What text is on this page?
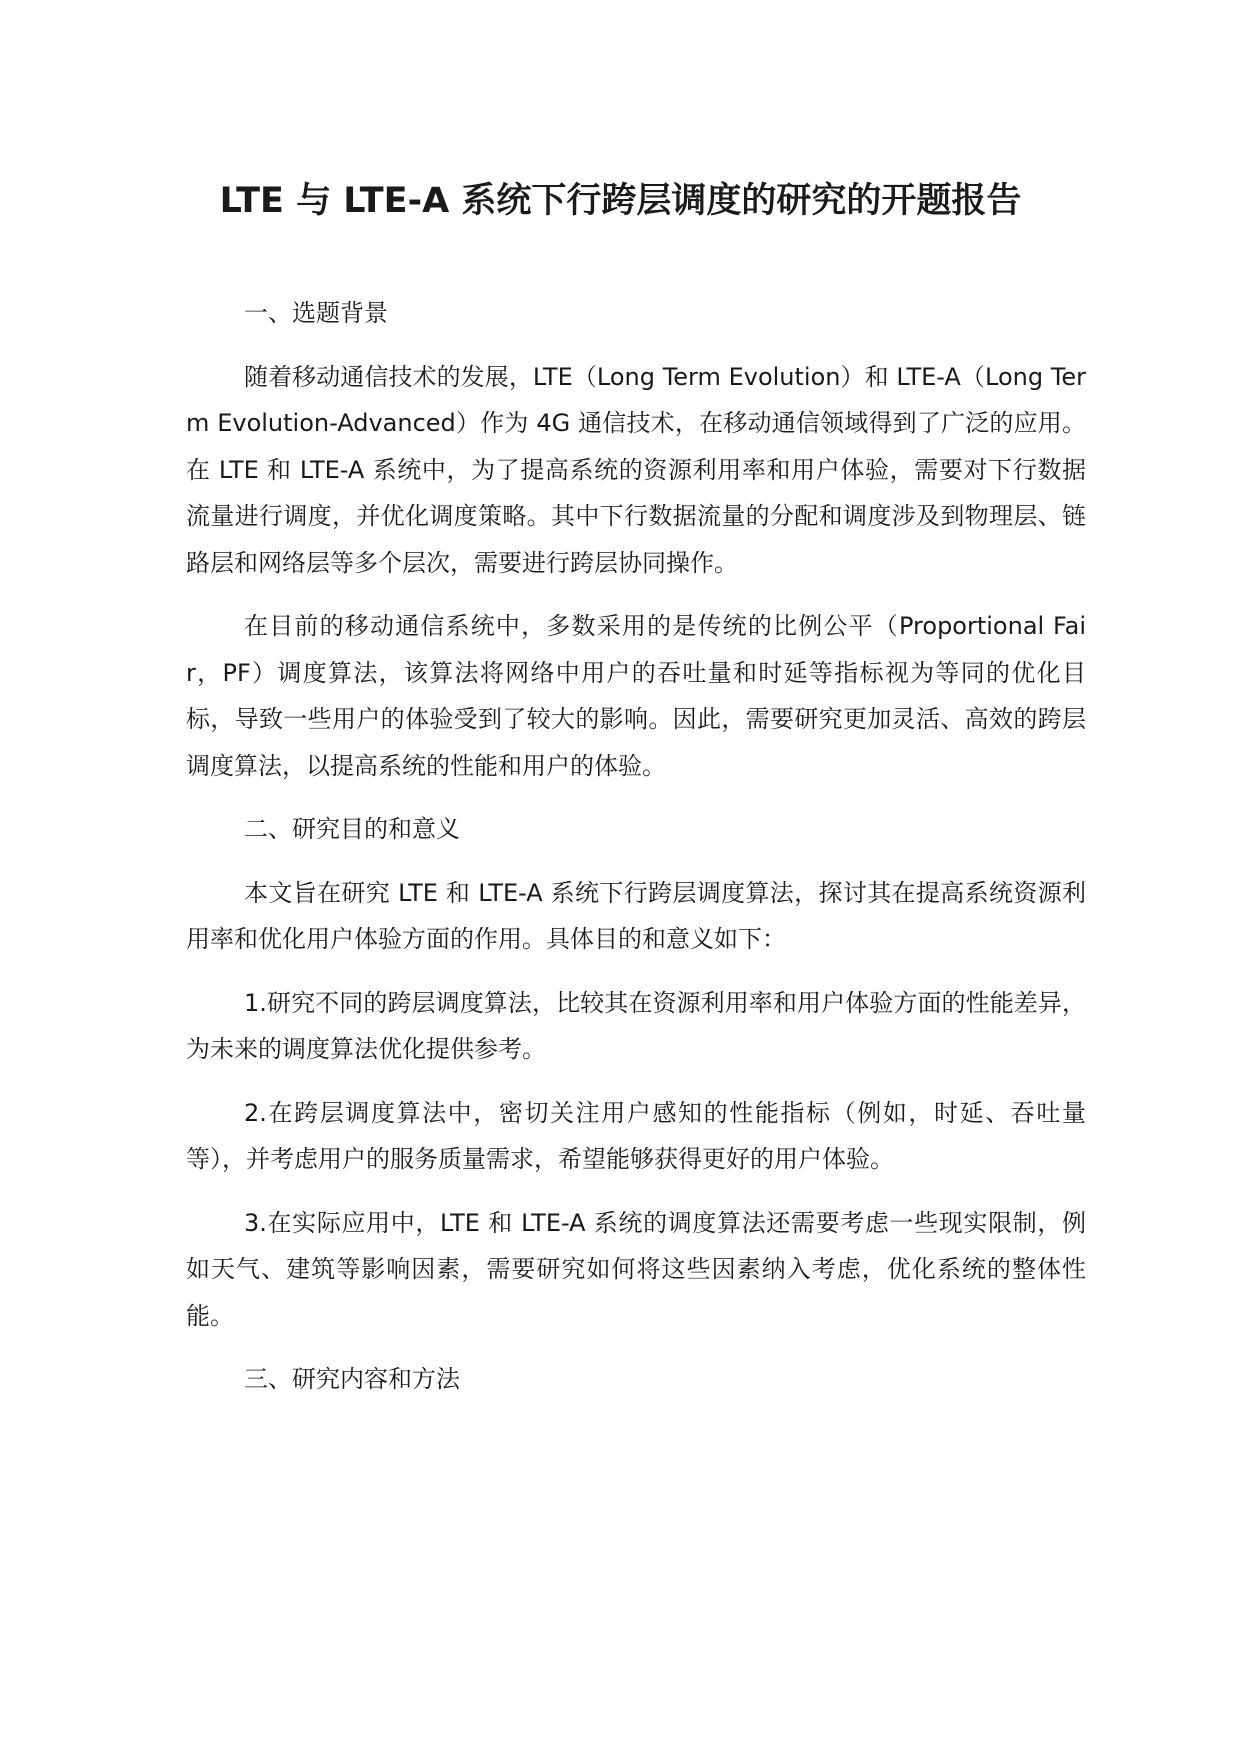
LTE 与 LTE-A 系统下行跨层调度的研究的开题报告

一、选题背景

随着移动通信技术的发展，LTE（Long Term Evolution）和 LTE-A（Long Term Evolution-Advanced）作为 4G 通信技术，在移动通信领域得到了广泛的应用。在 LTE 和 LTE-A 系统中，为了提高系统的资源利用率和用户体验，需要对下行数据流量进行调度，并优化调度策略。其中下行数据流量的分配和调度涉及到物理层、链路层和网络层等多个层次，需要进行跨层协同操作。

在目前的移动通信系统中，多数采用的是传统的比例公平（Proportional Fair，PF）调度算法，该算法将网络中用户的吞吐量和时延等指标视为等同的优化目标，导致一些用户的体验受到了较大的影响。因此，需要研究更加灵活、高效的跨层调度算法，以提高系统的性能和用户的体验。

二、研究目的和意义

本文旨在研究 LTE 和 LTE-A 系统下行跨层调度算法，探讨其在提高系统资源利用率和优化用户体验方面的作用。具体目的和意义如下：

1.研究不同的跨层调度算法，比较其在资源利用率和用户体验方面的性能差异，为未来的调度算法优化提供参考。

2.在跨层调度算法中，密切关注用户感知的性能指标（例如，时延、吞吐量等），并考虑用户的服务质量需求，希望能够获得更好的用户体验。

3.在实际应用中，LTE 和 LTE-A 系统的调度算法还需要考虑一些现实限制，例如天气、建筑等影响因素，需要研究如何将这些因素纳入考虑，优化系统的整体性能。

三、研究内容和方法
